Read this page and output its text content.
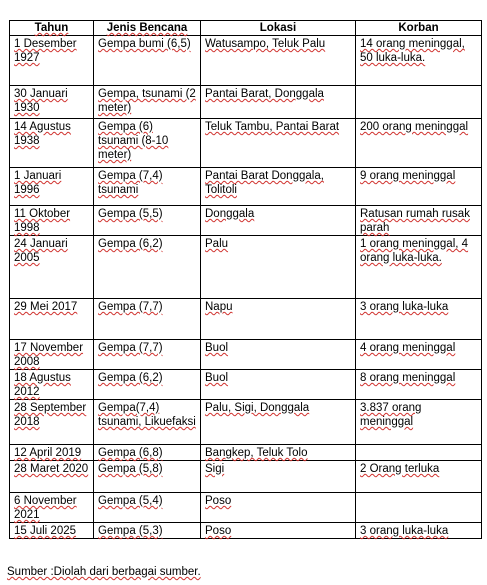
Tahun	Jenis Bencana	Lokasi	Korban
1 Desember 1927	Gempa bumi (6,5)	Watusampo, Teluk Palu	14 orang meninggal, 50 luka-luka.
30 Januari 1930	Gempa, tsunami (2 meter)	Pantai Barat, Donggala	
14 Agustus 1938	Gempa (6) tsunami (8-10 meter)	Teluk Tambu, Pantai Barat	200 orang meninggal
1 Januari 1996	Gempa (7,4) tsunami	Pantai Barat Donggala, Tolitoli	9 orang meninggal
11 Oktober 1998	Gempa (5,5)	Donggala	Ratusan rumah rusak parah
24 Januari 2005	Gempa (6,2)	Palu	1 orang meninggal, 4 orang luka-luka.
29 Mei 2017	Gempa (7,7)	Napu	3 orang luka-luka
17 November 2008	Gempa (7,7)	Buol	4 orang meninggal
18 Agustus 2012	Gempa (6,2)	Buol	8 orang meninggal
28 September 2018	Gempa(7,4) tsunami, Likuefaksi	Palu, Sigi, Donggala	3.837 orang meninggal
12 April 2019	Gempa (6,8)	Bangkep, Teluk Tolo	
28 Maret 2020	Gempa (5,8)	Sigi	2 Orang terluka
6 November 2021	Gempa (5,4)	Poso	
15 Juli 2025	Gempa (5,3)	Poso	3 orang luka-luka
Sumber :Diolah dari berbagai sumber.
